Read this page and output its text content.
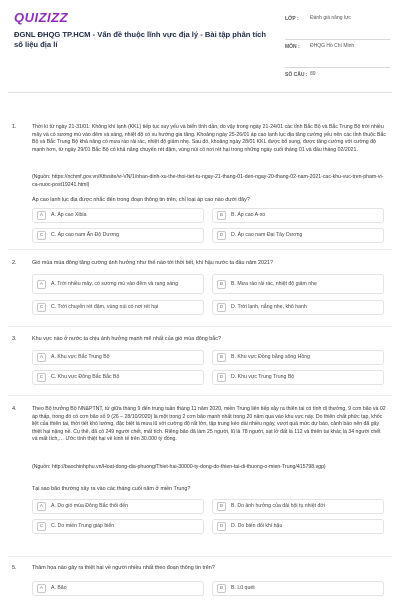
QUIZIZZ
ĐGNL ĐHQG TP.HCM - Vấn đề thuộc lĩnh vực địa lý - Bài tập phân tích số liệu địa lí
LỚP :	Đánh giá năng lực
MÔN :	ĐHQG Hồ Chí Minh
SỐ CÂU : 89
1.	Thời kì từ ngày 21-31/01: Không khí lạnh (KKL) tiếp tục suy yếu và biến tính dần, do vậy trong ngày 21-24/01 các tỉnh Bắc Bộ và Bắc Trung Bộ trời nhiều mây và có sương mù vào đêm và sáng, nhiệt độ có xu hướng gia tăng. Khoảng ngày 25-26/01 áp cao lạnh lục địa tăng cường yếu nên các tỉnh thuộc Bắc Bộ và Bắc Trung Bộ khả năng có mưa rào rải rác, nhiệt độ giảm nhẹ. Sau đó, khoảng ngày 28/01 KKL được bổ sung, được tăng cường với cường độ mạnh hơn, từ ngày 29/01 Bắc Bộ có khả năng chuyển rét đậm, vùng núi có nơi rét hại trong những ngày cuối tháng 01 và đầu tháng 02/2021.
(Nguồn: https://nchmf.gov.vn/Kttvsite/vi-VN/1/nhan-dinh-xu-the-thoi-tiet-tu-ngay-21-thang-01-den-ngay-20-thang-02-nam-2021-cac-khu-vuc-tren-pham-vi-ca-nuoc-post19241.html)
Áp cao lạnh lục địa được nhắc đến trong đoạn thông tin trên, chỉ loại áp cao nào dưới đây?
A	A. Áp cao Xibia	B	B. Áp cao A-xo
C	C. Áp cao nam Ấn Độ Dương	D	D. Áp cao nam Đại Tây Dương
2.	Gió mùa mùa đông tăng cường ảnh hưởng như thế nào tới thời tiết, khí hậu nước ta đầu năm 2021?
A	A. Trời nhiều mây, có sương mù vào đêm và rạng sáng	B	B. Mưa rào rải rác, nhiệt độ giảm nhẹ
C	C. Trời chuyển rét đậm, vùng núi có nơi rét hại	D	D. Trời lạnh, nắng nhẹ, khô hanh
3.	Khu vực nào ở nước ta chịu ảnh hưởng mạnh mẽ nhất của gió mùa đông bắc?
A	A. Khu vực Bắc Trung Bộ	B	B. Khu vực Đồng bằng sông Hồng
C	C. Khu vực Đông Bắc Bắc Bộ	D	D. Khu vực Trung Trung Bộ
4.	Theo Bộ trưởng Bộ NN&PTNT, từ giữa tháng 9 đến trung tuần tháng 11 năm 2020, miền Trung liên tiếp xảy ra thiên tai có tính dị thường, 9 cơn bão và 02 áp thấp, trong đó có cơn bão số 9 (26 – 28/10/2020) là một trong 2 cơn bão mạnh nhất trong 20 năm qua vào khu vực này. Do thiên chất phức tạp, khốc liệt của thiên tai, thời tiết khó lường, đặc biệt là mưa lũ với cường độ rất lớn, tập trung kéo dài nhiều ngày, vượt quá mức dự báo, cảnh báo nên đã gây thiệt hại nặng nề. Cụ thể, đã có 249 người chết, mất tích. Riêng bão đã làm 25 người, lũ là 78 người, sạt lở đất là 112 và thiên tai khác là 34 người chết và mất tích,… Ước tính thiệt hại về kinh tế trên 30.000 tỷ đồng.
(Nguồn: http://baochinhphu.vn/Hoat-dong-dia-phuong/Thiet-hai-30000-ty-dong-do-thien-tai-di-thuong-o-mien-Trung/415798.vgp)
Tại sao bão thường xảy ra vào các tháng cuối năm ở miền Trung?
A	A. Do gió mùa Đông Bắc thổi đến	B	B. Do ảnh hưởng của dải hội tụ nhiệt đới
C	C. Do miền Trung giáp biển	D	D. Do biến đổi khí hậu
5.	Thảm họa nào gây ra thiệt hại về người nhiều nhất theo đoạn thông tin trên?
A	A. Bão	B	B. Lũ quét
